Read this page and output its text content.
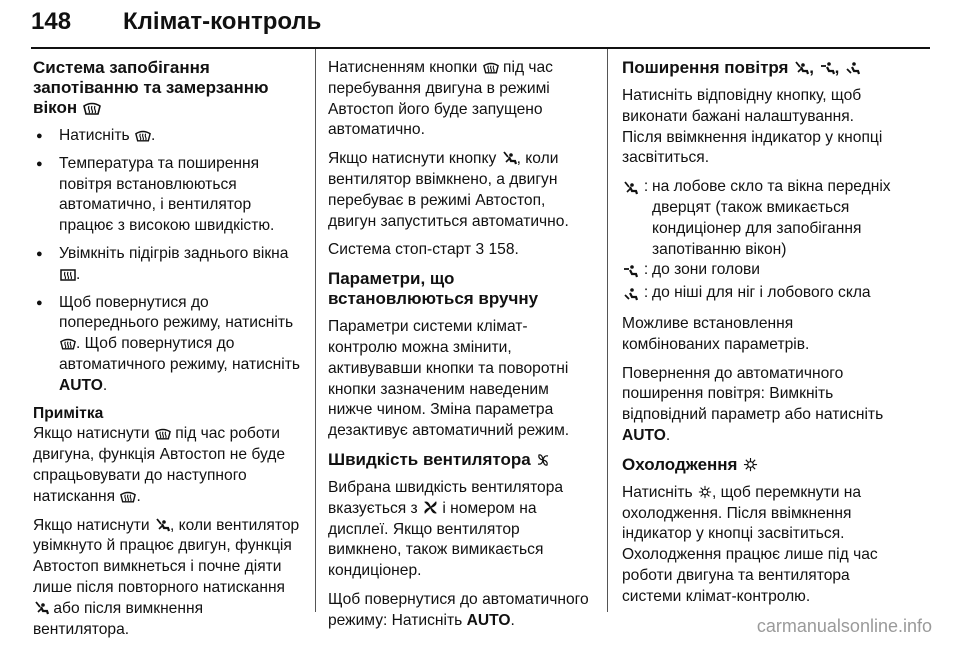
148 Клімат-контроль
Система запобігання запотіванню та замерзанню вікон
● Натисніть .
● Температура та поширення повітря встановлюються автоматично, і вентилятор працює з високою швидкістю.
● Увімкніть підігрів заднього вікна
.
● Щоб повернутися до попереднього режиму, натисніть
. Щоб повернутися до автоматичного режиму, натисніть AUTO.

Примітка

Якщо натиснути під час роботи двигуна, функція Автостоп не буде спрацьовувати до наступного натискання .

Якщо натиснути , коли вентилятор увімкнуто й працює двигун, функція Автостоп вимкнеться і почне діяти лише після повторного натискання
або після вимкнення вентилятора.

Натисненням кнопки під час перебування двигуна в режимі Автостоп його буде запущено автоматично.

Якщо натиснути кнопку , коли вентилятор ввімкнено, а двигун перебуває в режимі Автостоп, двигун запуститься автоматично.

Система стоп-старт 3 158.

Параметри, що встановлюються вручну

Параметри системи клімат-контролю можна змінити, активувавши кнопки та поворотні кнопки зазначеним наведеним нижче чином. Зміна параметра дезактивує автоматичний режим.

Швидкість вентилятора

Вибрана швидкість вентилятора вказується з і номером на дисплеї. Якщо вентилятор вимкнено, також вимикається кондиціонер.

Щоб повернутися до автоматичного режиму: Натисніть AUTO.

Поширення повітря ,
,

Натисніть відповідну кнопку, щоб виконати бажані налаштування. Після ввімкнення індикатор у кнопці засвітиться.

	:	на лобове скло та вікна передніх дверцят (також вмикається кондиціонер для запобігання запотіванню вікон)

	:	до зони голови

	:	до ніші для ніг і лобового скла

Можливе встановлення комбінованих параметрів.

Повернення до автоматичного поширення повітря: Вимкніть відповідний параметр або натисніть AUTO.

Охолодження

Натисніть , щоб перемкнути на охолодження. Після ввімкнення індикатор у кнопці засвітиться. Охолодження працює лише під час роботи двигуна та вентилятора системи клімат-контролю.

carmanualsonline.info
